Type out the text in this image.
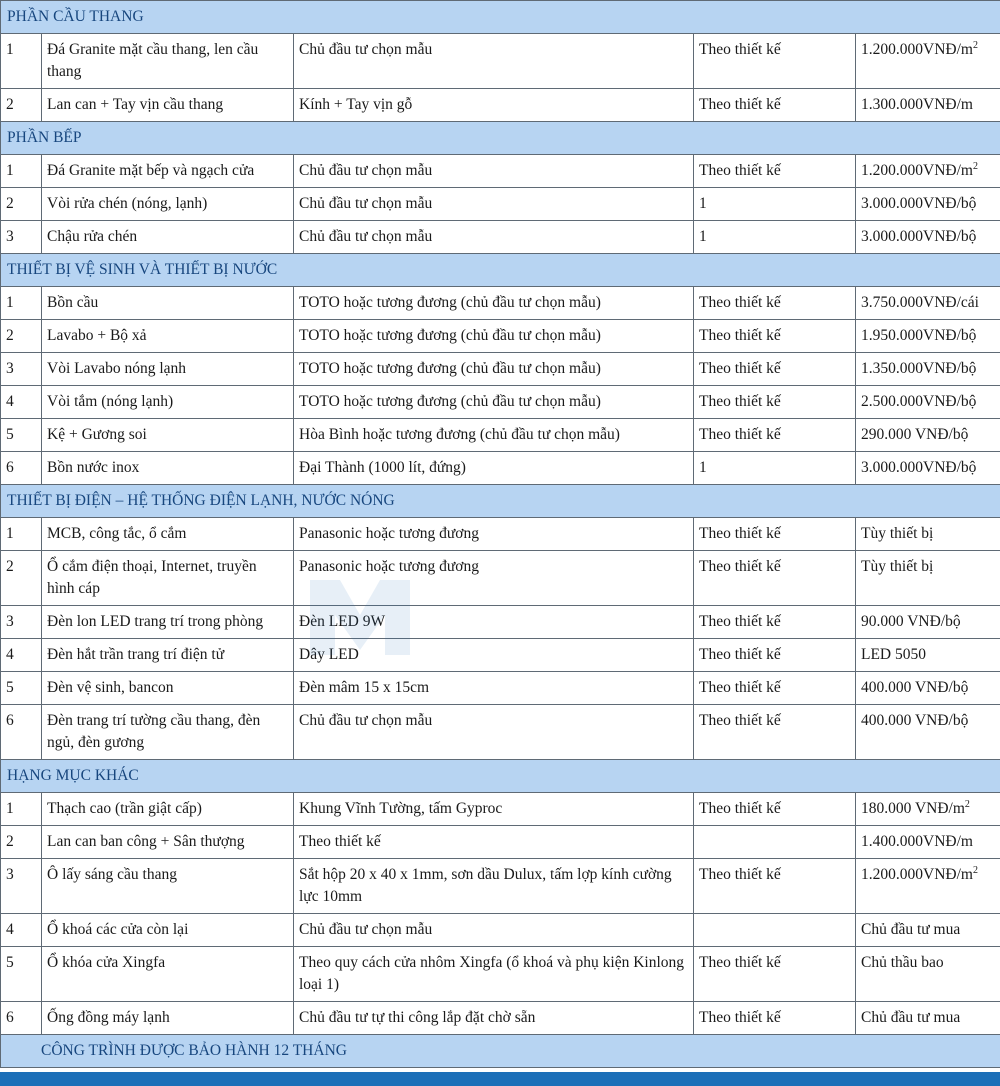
PHẦN CẦU THANG				
1	Đá Granite mặt cầu thang, len cầu thang	Chủ đầu tư chọn mẫu	Theo thiết kế	$1.200.000VNĐ/m^2$
2	Lan can + Tay vịn cầu thang	Kính + Tay vịn gỗ	Theo thiết kế	1.300.000VNĐ/m
PHẦN BẾP				
1	Đá Granite mặt bếp và ngạch cửa	Chủ đầu tư chọn mẫu	Theo thiết kế	$1.200.000VNĐ/m^2$
2	Vòi rửa chén (nóng, lạnh)	Chủ đầu tư chọn mẫu	1	3.000.000VNĐ/bộ
3	Chậu rửa chén	Chủ đầu tư chọn mẫu	1	3.000.000VNĐ/bộ
THIẾT BỊ VỆ SINH VÀ THIẾT BỊ NƯỚC				
1	Bồn cầu	TOTO hoặc tương đương (chủ đầu tư chọn mẫu)	Theo thiết kế	3.750.000VNĐ/cái
2	Lavabo + Bộ xả	TOTO hoặc tương đương (chủ đầu tư chọn mẫu)	Theo thiết kế	1.950.000VNĐ/bộ
3	Vòi Lavabo nóng lạnh	TOTO hoặc tương đương (chủ đầu tư chọn mẫu)	Theo thiết kế	1.350.000VNĐ/bộ
4	Vòi tắm (nóng lạnh)	TOTO hoặc tương đương (chủ đầu tư chọn mẫu)	Theo thiết kế	2.500.000VNĐ/bộ
5	Kệ + Gương soi	Hòa Bình hoặc tương đương (chủ đầu tư chọn mẫu)	Theo thiết kế	290.000 VNĐ/bộ
6	Bồn nước inox	Đại Thành (1000 lít, đứng)	1	3.000.000VNĐ/bộ
THIẾT BỊ ĐIỆN – HỆ THỐNG ĐIỆN LẠNH, NƯỚC NÓNG				
1	MCB, công tắc, ổ cắm	Panasonic hoặc tương đương	Theo thiết kế	Tùy thiết bị
2	Ổ cắm điện thoại, Internet, truyền hình cáp	Panasonic hoặc tương đương	Theo thiết kế	Tùy thiết bị
3	Đèn lon LED trang trí trong phòng	Đèn LED 9W	Theo thiết kế	90.000 VNĐ/bộ
4	Đèn hắt trần trang trí điện tử	Dây LED	Theo thiết kế	LED 5050
5	Đèn vệ sinh, bancon	Đèn mâm 15 x 15cm	Theo thiết kế	400.000 VNĐ/bộ
6	Đèn trang trí tường cầu thang, đèn ngủ, đèn gương	Chủ đầu tư chọn mẫu	Theo thiết kế	400.000 VNĐ/bộ
HẠNG MỤC KHÁC				
1	Thạch cao (trần giật cấp)	Khung Vĩnh Tường, tấm Gyproc	Theo thiết kế	180.000 VNĐ/$m^2$
2	Lan can ban công + Sân thượng	Theo thiết kế		1.400.000VNĐ/m
3	Ô lấy sáng cầu thang	Sắt hộp 20 x 40 x 1mm, sơn dầu Dulux, tấm lợp kính cường lực 10mm	Theo thiết kế	$1.200.000VNĐ/m^2$
4	Ổ khoá các cửa còn lại	Chủ đầu tư chọn mẫu		Chủ đầu tư mua
5	Ổ khóa cửa Xingfa	Theo quy cách cửa nhôm Xingfa (ổ khoá và phụ kiện Kinlong loại 1)	Theo thiết kế	Chủ thầu bao
6	Ống đồng máy lạnh	Chủ đầu tư tự thi công lắp đặt chờ sẵn	Theo thiết kế	Chủ đầu tư mua
CÔNG TRÌNH ĐƯỢC BẢO HÀNH 12 THÁNG				
